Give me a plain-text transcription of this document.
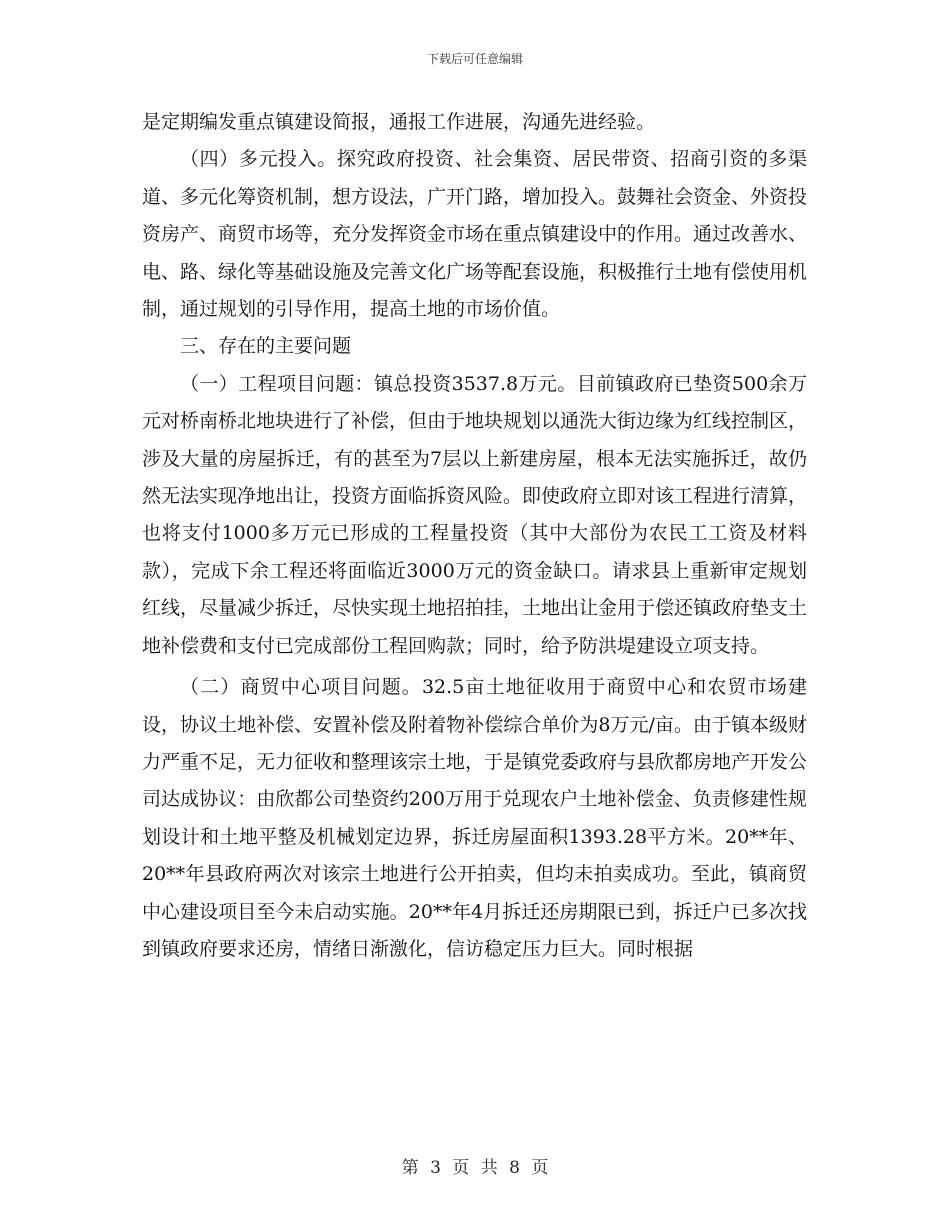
下载后可任意编辑

是定期编发重点镇建设简报，通报工作进展，沟通先进经验。

（四）多元投入。探究政府投资、社会集资、居民带资、招商引资的多渠道、多元化筹资机制，想方设法，广开门路，增加投入。鼓舞社会资金、外资投资房产、商贸市场等，充分发挥资金市场在重点镇建设中的作用。通过改善水、电、路、绿化等基础设施及完善文化广场等配套设施，积极推行土地有偿使用机制，通过规划的引导作用，提高土地的市场价值。

三、存在的主要问题

（一）工程项目问题：镇总投资3537.8万元。目前镇政府已垫资500余万元对桥南桥北地块进行了补偿，但由于地块规划以通洗大街边缘为红线控制区，涉及大量的房屋拆迁，有的甚至为7层以上新建房屋，根本无法实施拆迁，故仍然无法实现净地出让，投资方面临拆资风险。即使政府立即对该工程进行清算，也将支付1000多万元已形成的工程量投资（其中大部份为农民工工资及材料款），完成下余工程还将面临近3000万元的资金缺口。请求县上重新审定规划红线，尽量减少拆迁，尽快实现土地招拍挂，土地出让金用于偿还镇政府垫支土地补偿费和支付已完成部份工程回购款；同时，给予防洪堤建设立项支持。

（二）商贸中心项目问题。32.5亩土地征收用于商贸中心和农贸市场建设，协议土地补偿、安置补偿及附着物补偿综合单价为8万元/亩。由于镇本级财力严重不足，无力征收和整理该宗土地，于是镇党委政府与县欣都房地产开发公司达成协议：由欣都公司垫资约200万用于兑现农户土地补偿金、负责修建性规划设计和土地平整及机械划定边界，拆迁房屋面积1393.28平方米。20**年、20**年县政府两次对该宗土地进行公开拍卖，但均未拍卖成功。至此，镇商贸中心建设项目至今未启动实施。20**年4月拆迁还房期限已到，拆迁户已多次找到镇政府要求还房，情绪日渐激化，信访稳定压力巨大。同时根据

第 3 页 共 8 页
